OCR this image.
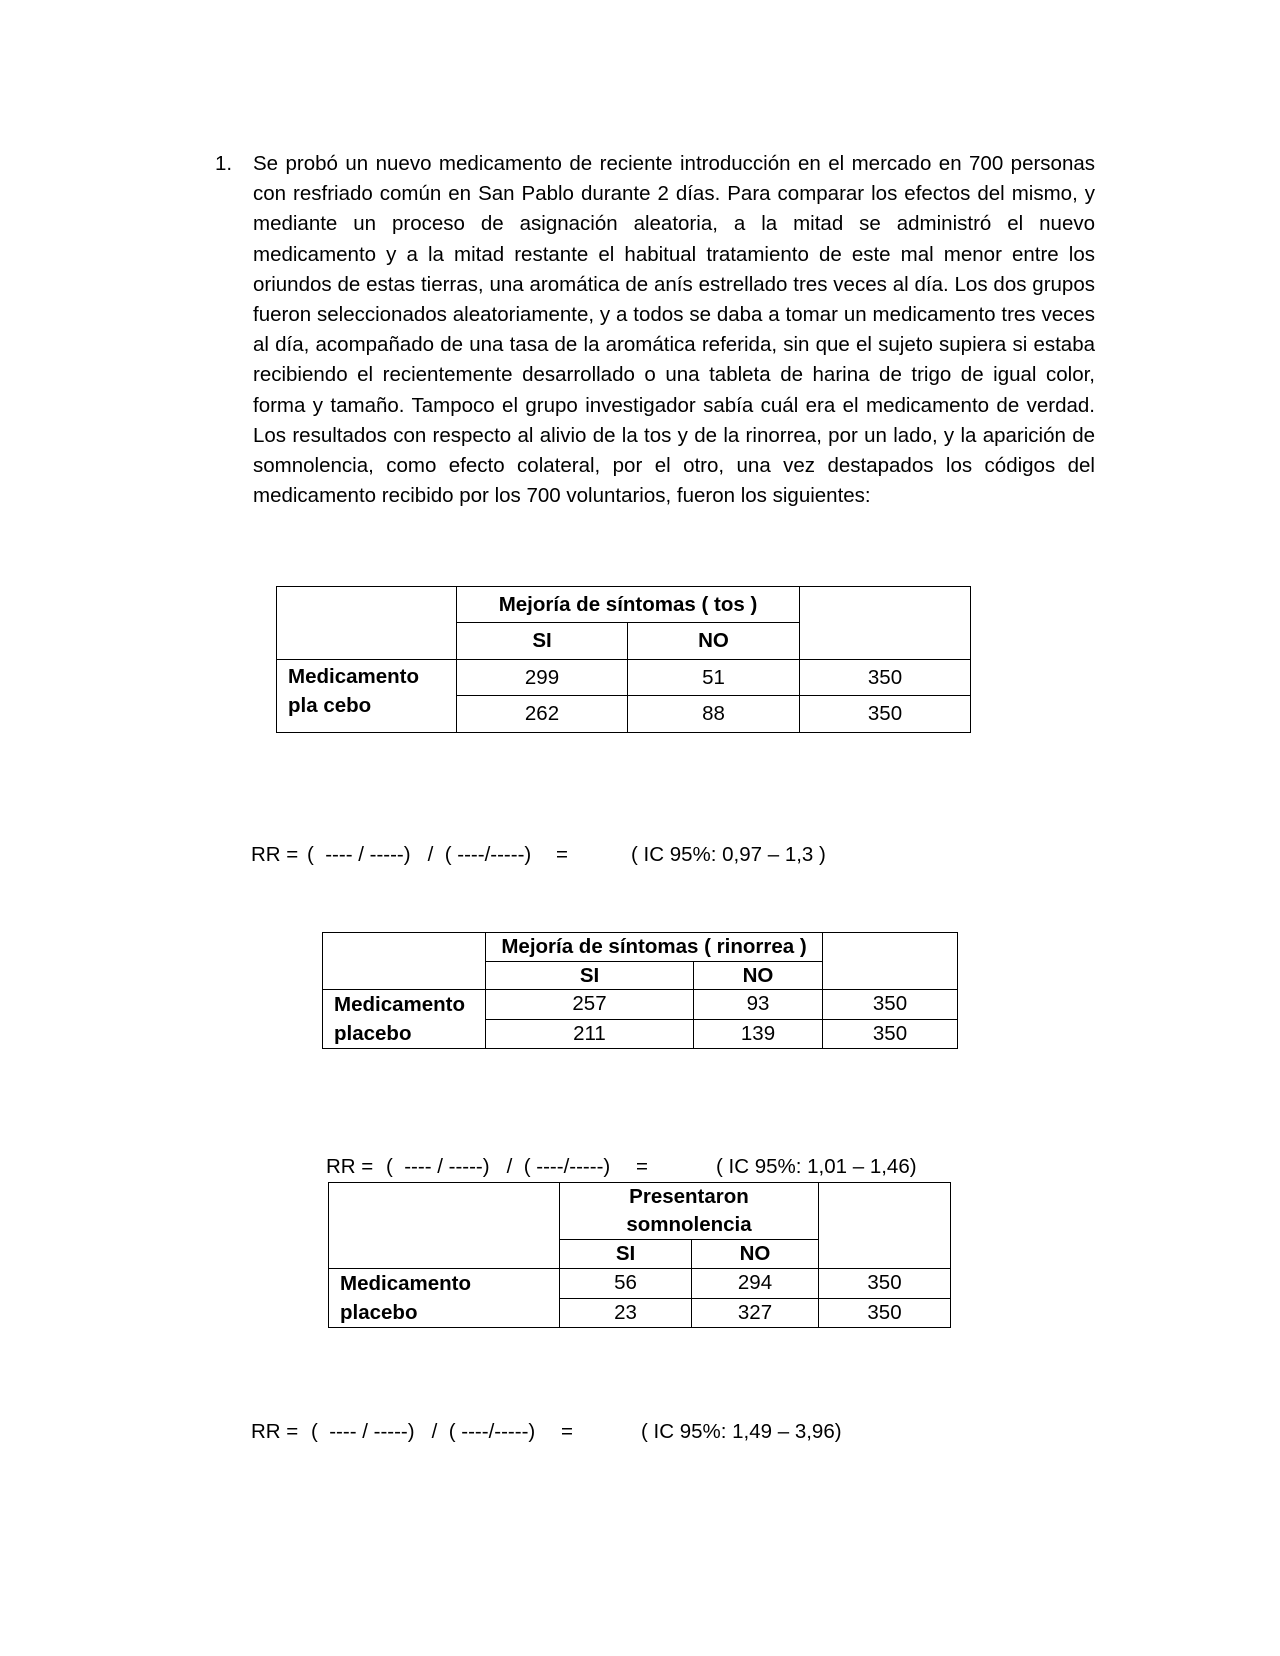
1. Se probó un nuevo medicamento de reciente introducción en el mercado en 700 personas con resfriado común en San Pablo durante 2 días. Para comparar los efectos del mismo, y mediante un proceso de asignación aleatoria, a la mitad se administró el nuevo medicamento y a la mitad restante el habitual tratamiento de este mal menor entre los oriundos de estas tierras, una aromática de anís estrellado tres veces al día. Los dos grupos fueron seleccionados aleatoriamente, y a todos se daba a tomar un medicamento tres veces al día, acompañado de una tasa de la aromática referida, sin que el sujeto supiera si estaba recibiendo el recientemente desarrollado o una tableta de harina de trigo de igual color, forma y tamaño. Tampoco el grupo investigador sabía cuál era el medicamento de verdad. Los resultados con respecto al alivio de la tos y de la rinorrea, por un lado, y la aparición de somnolencia, como efecto colateral, por el otro, una vez destapados los códigos del medicamento recibido por los 700 voluntarios, fueron los siguientes:
	Mejoría de síntomas ( tos )		
	SI	NO	
Medicamento
pla cebo	299	51	350
	262	88	350

RR =

(  ---- / -----)   /  ( ----/-----)

=

	( IC 95%: 0,97 – 1,3 )

	Mejoría de síntomas ( rinorrea )		
	SI	NO	
Medicamento
placebo	257	93	350
	211	139	350

RR =

(  ---- / -----)   /  ( ----/-----)

=

	( IC 95%: 1,01 – 1,46)

	Presentaron
somnolencia		

	SI	NO	
Medicamento
placebo	56	294	350
	23	327	350

RR =

(  ---- / -----)   /  ( ----/-----)

=

	( IC 95%: 1,49 – 3,96)
